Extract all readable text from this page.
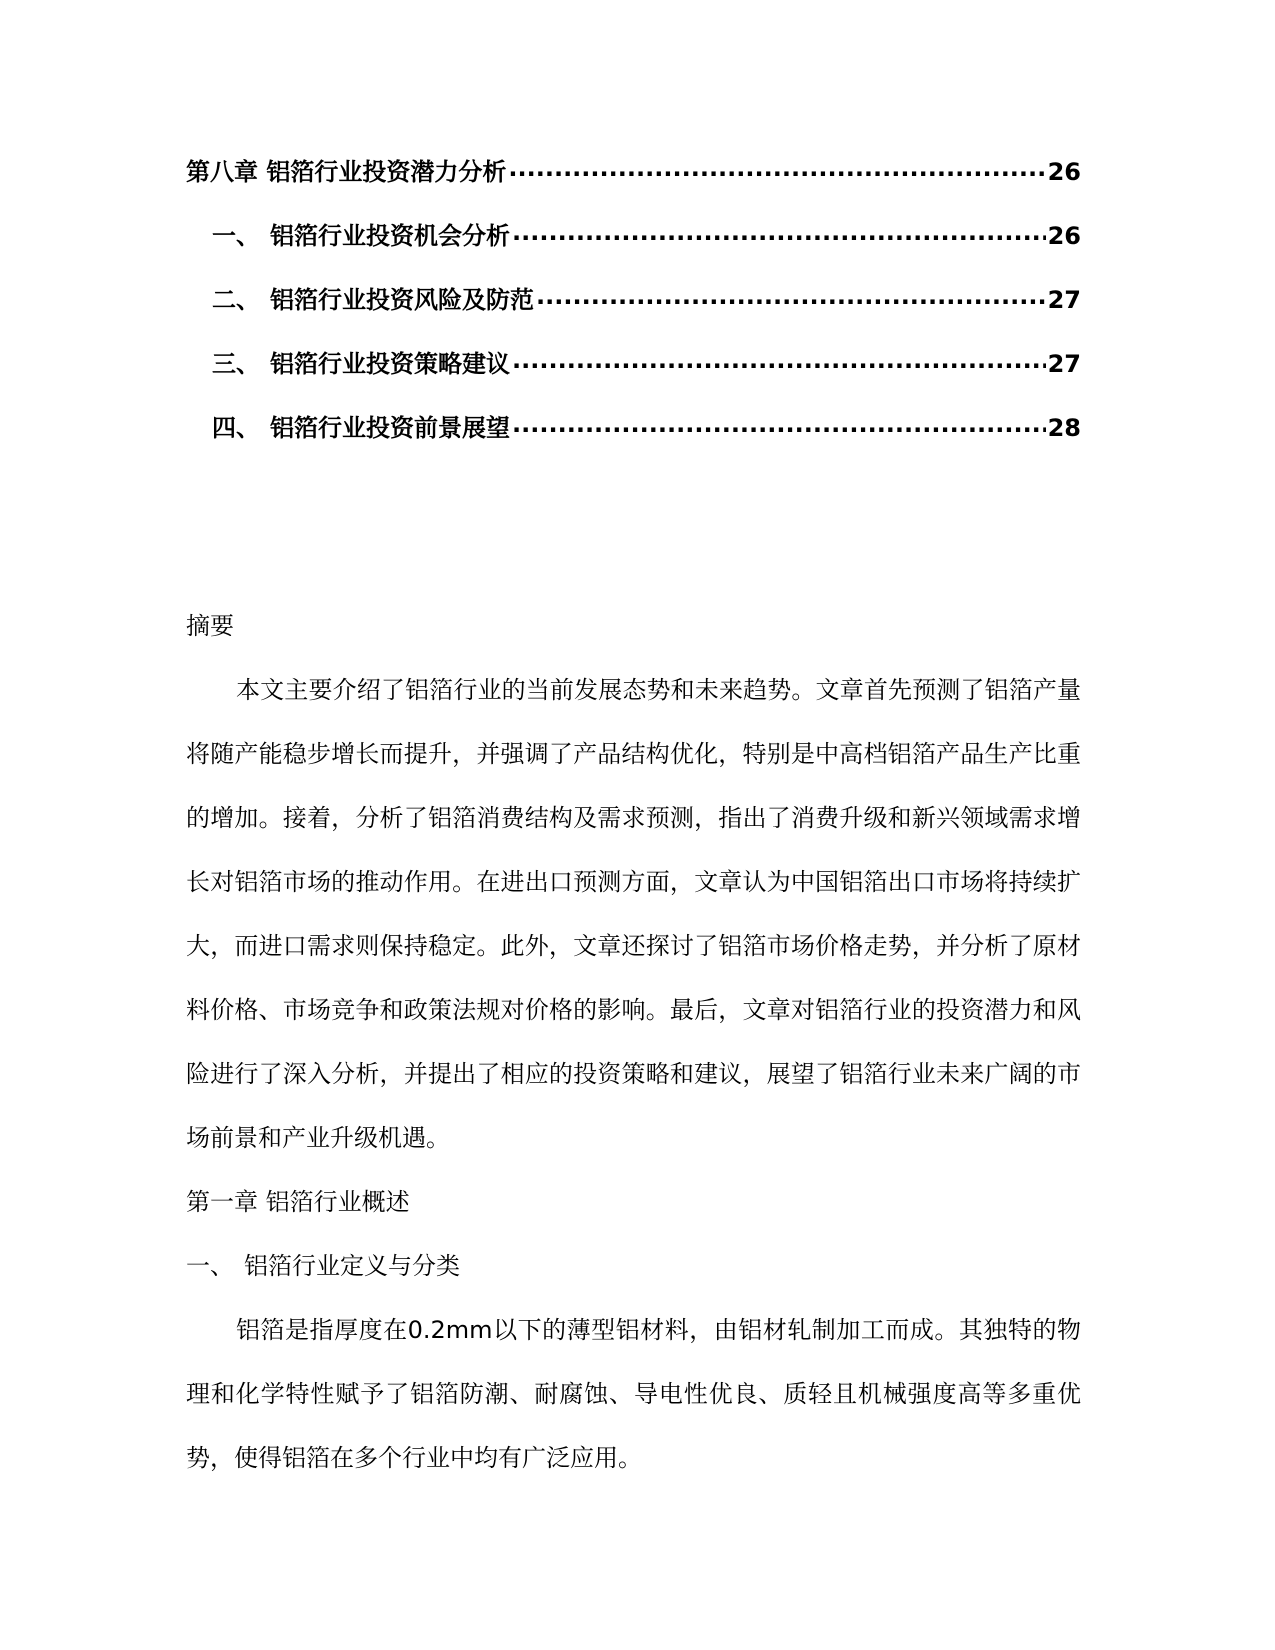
第八章 铝箔行业投资潜力分析 .....	26
一、 铝箔行业投资机会分析 .....	26
二、 铝箔行业投资风险及防范 .....	27
三、 铝箔行业投资策略建议 .....	27
四、 铝箔行业投资前景展望 .....	28
摘要

本文主要介绍了铝箔行业的当前发展态势和未来趋势。文章首先预测了铝箔产量将随产能稳步增长而提升，并强调了产品结构优化，特别是中高档铝箔产品生产比重的增加。接着，分析了铝箔消费结构及需求预测，指出了消费升级和新兴领域需求增长对铝箔市场的推动作用。在进出口预测方面，文章认为中国铝箔出口市场将持续扩大，而进口需求则保持稳定。此外，文章还探讨了铝箔市场价格走势，并分析了原材料价格、市场竞争和政策法规对价格的影响。最后，文章对铝箔行业的投资潜力和风险进行了深入分析，并提出了相应的投资策略和建议，展望了铝箔行业未来广阔的市场前景和产业升级机遇。

第一章 铝箔行业概述
一、 铝箔行业定义与分类

铝箔是指厚度在0.2mm以下的薄型铝材料，由铝材轧制加工而成。其独特的物理和化学特性赋予了铝箔防潮、耐腐蚀、导电性优良、质轻且机械强度高等多重优势，使得铝箔在多个行业中均有广泛应用。
